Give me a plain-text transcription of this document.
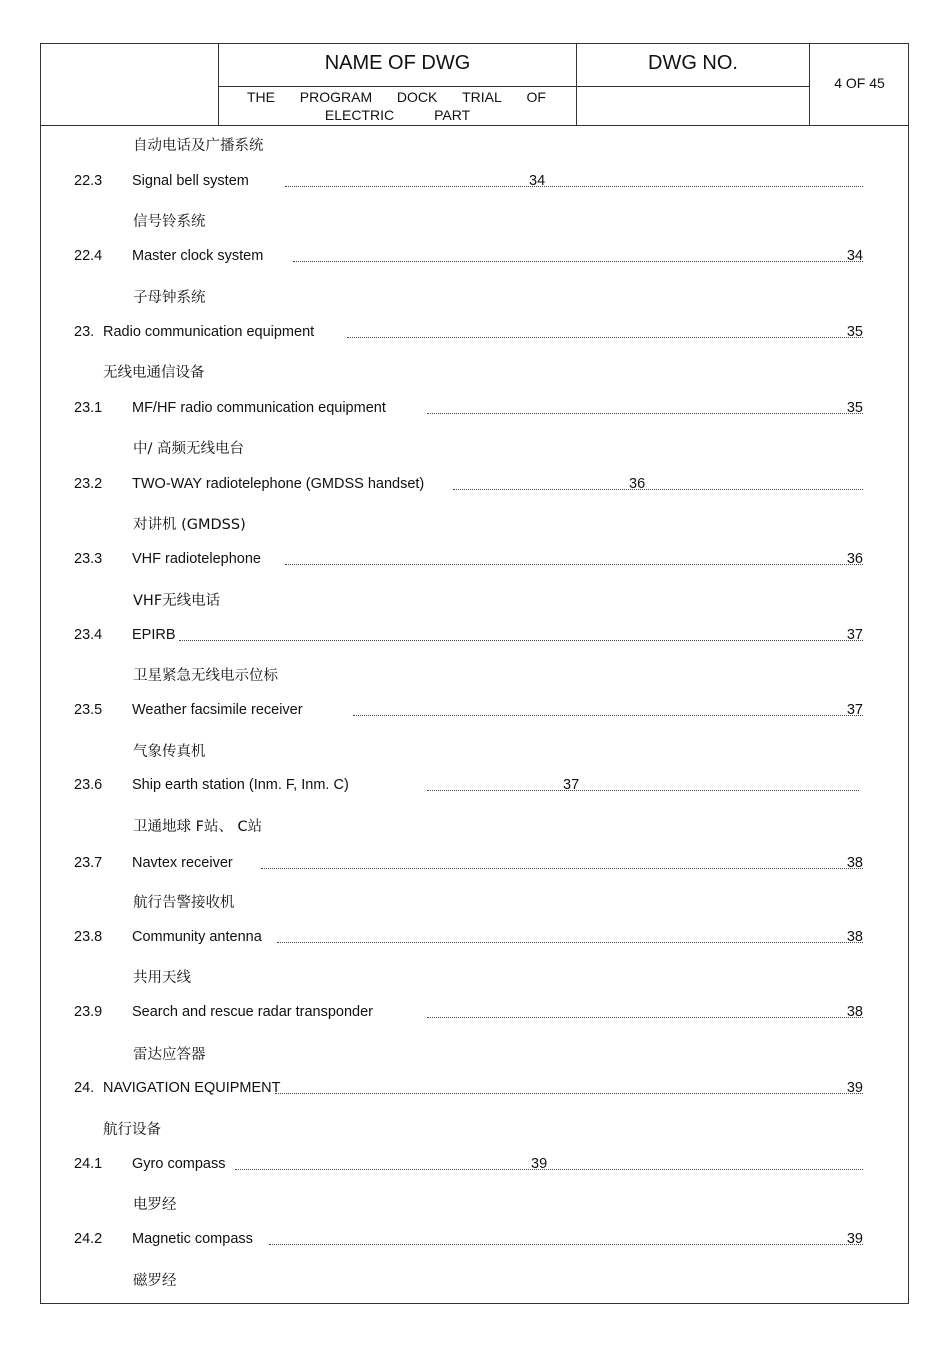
NAME OF DWG
THE PROGRAM DOCK TRIAL OF
ELECTRIC	PART
DWG NO.
4 OF 45
自动电话及广播系统
22.3 Signal bell system	34
信号铃系统
22.4 Master clock system	34
子母钟系统
23. Radio communication equipment	35
无线电通信设备
23.1 MF/HF radio communication equipment	35
中/ 高频无线电台
23.2 TWO-WAY radiotelephone (GMDSS handset)	36
对讲机 (GMDSS)
23.3 VHF radiotelephone	36
VHF无线电话
23.4 EPIRB	37
卫星紧急无线电示位标
23.5 Weather facsimile receiver	37
气象传真机
23.6 Ship earth station (Inm. F, Inm. C)	37
卫通地球 F站、 C站
23.7 Navtex receiver	38
航行告警接收机
23.8 Community antenna	38
共用天线
23.9 Search and rescue radar transponder	38
雷达应答器
24. NAVIGATION EQUIPMENT	39
航行设备
24.1 Gyro compass	39
电罗经
24.2 Magnetic compass	39
磁罗经
